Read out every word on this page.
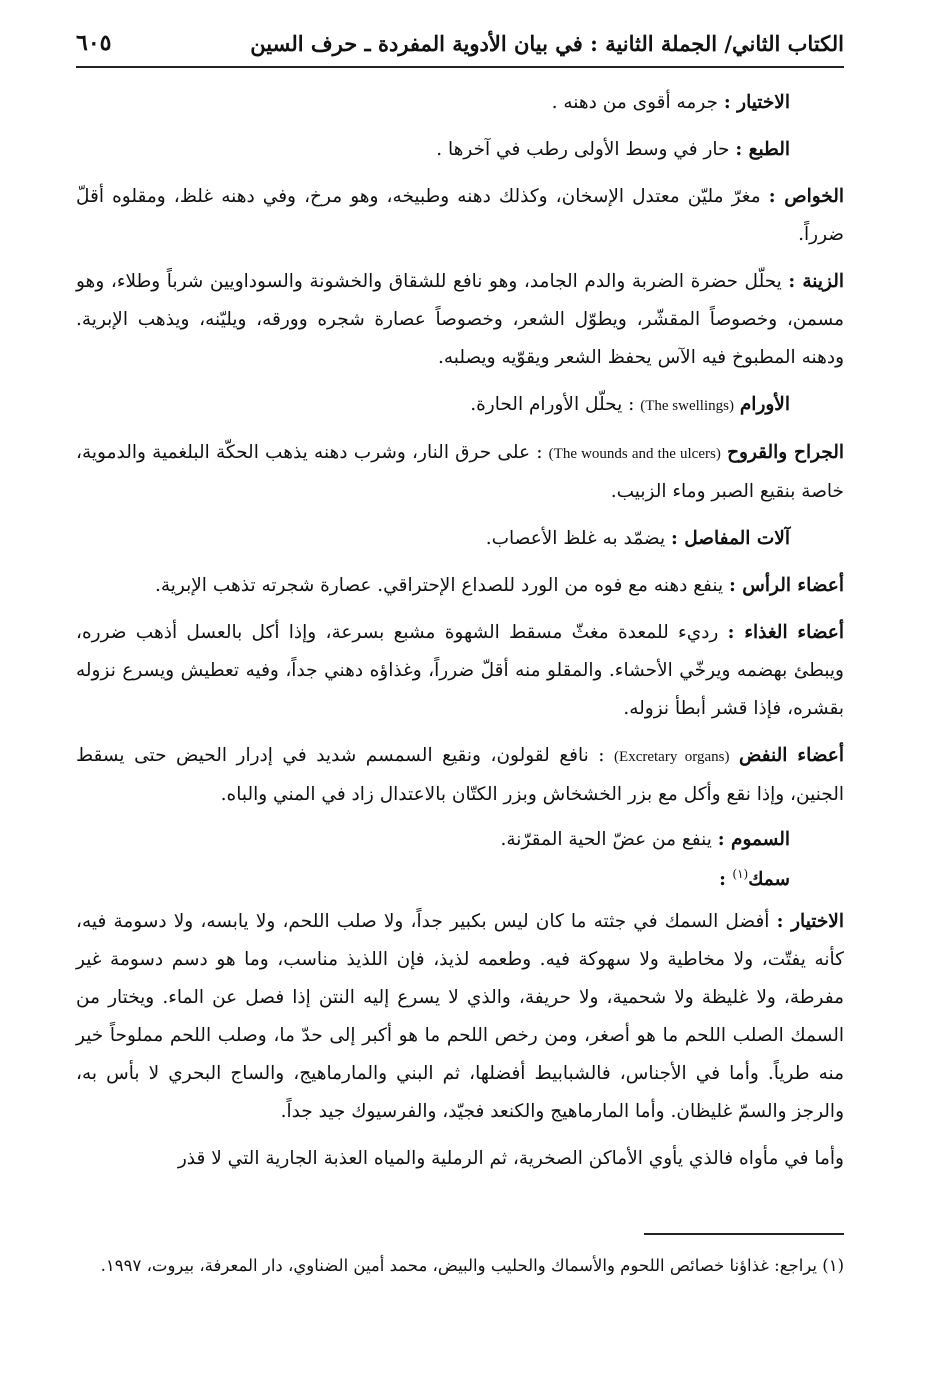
الكتاب الثاني/ الجملة الثانية : في بيان الأدوية المفردة ـ حرف السين
٦٠٥

الاختيار : جرمه أقوى من دهنه .

الطبع : حار في وسط الأولى رطب في آخرها .

الخواص : مغرّ مليّن معتدل الإسخان، وكذلك دهنه وطبيخه، وهو مرخ، وفي دهنه غلظ، ومقلوه أقلّ ضرراً.

الزينة : يحلّل حضرة الضربة والدم الجامد، وهو نافع للشقاق والخشونة والسوداويين شرباً وطلاء، وهو مسمن، وخصوصاً المقشّر، ويطوّل الشعر، وخصوصاً عصارة شجره وورقه، ويليّنه، ويذهب الإبرية. ودهنه المطبوخ فيه الآس يحفظ الشعر ويقوّيه ويصلبه.

الأورام (The swellings) : يحلّل الأورام الحارة.

الجراح والقروح (The wounds and the ulcers) : على حرق النار، وشرب دهنه يذهب الحكّة البلغمية والدموية، خاصة بنقيع الصبر وماء الزبيب.

آلات المفاصل : يضمّد به غلظ الأعصاب.

أعضاء الرأس : ينفع دهنه مع فوه من الورد للصداع الإحتراقي. عصارة شجرته تذهب الإبرية.

أعضاء الغذاء : رديء للمعدة مغثّ مسقط الشهوة مشبع بسرعة، وإذا أكل بالعسل أذهب ضرره، ويبطئ بهضمه ويرخّي الأحشاء. والمقلو منه أقلّ ضرراً، وغذاؤه دهني جداً، وفيه تعطيش ويسرع نزوله بقشره، فإذا قشر أبطأ نزوله.

أعضاء النفض (Excretary organs) : نافع لقولون، ونقيع السمسم شديد في إدرار الحيض حتى يسقط الجنين، وإذا نقع وأكل مع بزر الخشخاش وبزر الكتّان بالاعتدال زاد في المني والباه.

السموم : ينفع من عضّ الحية المقرّنة.

سمك$^{(١)}$ :

الاختيار : أفضل السمك في جثته ما كان ليس بكبير جداً، ولا صلب اللحم، ولا يابسه، ولا دسومة فيه، كأنه يفتّت، ولا مخاطية ولا سهوكة فيه. وطعمه لذيذ، فإن اللذيذ مناسب، وما هو دسم دسومة غير مفرطة، ولا غليظة ولا شحمية، ولا حريفة، والذي لا يسرع إليه النتن إذا فصل عن الماء. ويختار من السمك الصلب اللحم ما هو أصغر، ومن رخص اللحم ما هو أكبر إلى حدّ ما، وصلب اللحم مملوحاً خير منه طرياً. وأما في الأجناس، فالشبابيط أفضلها، ثم البني والمارماهيج، والساج البحري لا بأس به، والرجز والسمّ غليظان. وأما المارماهيج والكنعد فجيّد، والفرسيوك جيد جداً.

وأما في مأواه فالذي يأوي الأماكن الصخرية، ثم الرملية والمياه العذبة الجارية التي لا قذر

(١) يراجع: غذاؤنا خصائص اللحوم والأسماك والحليب والبيض، محمد أمين الضناوي، دار المعرفة، بيروت، ١٩٩٧.
